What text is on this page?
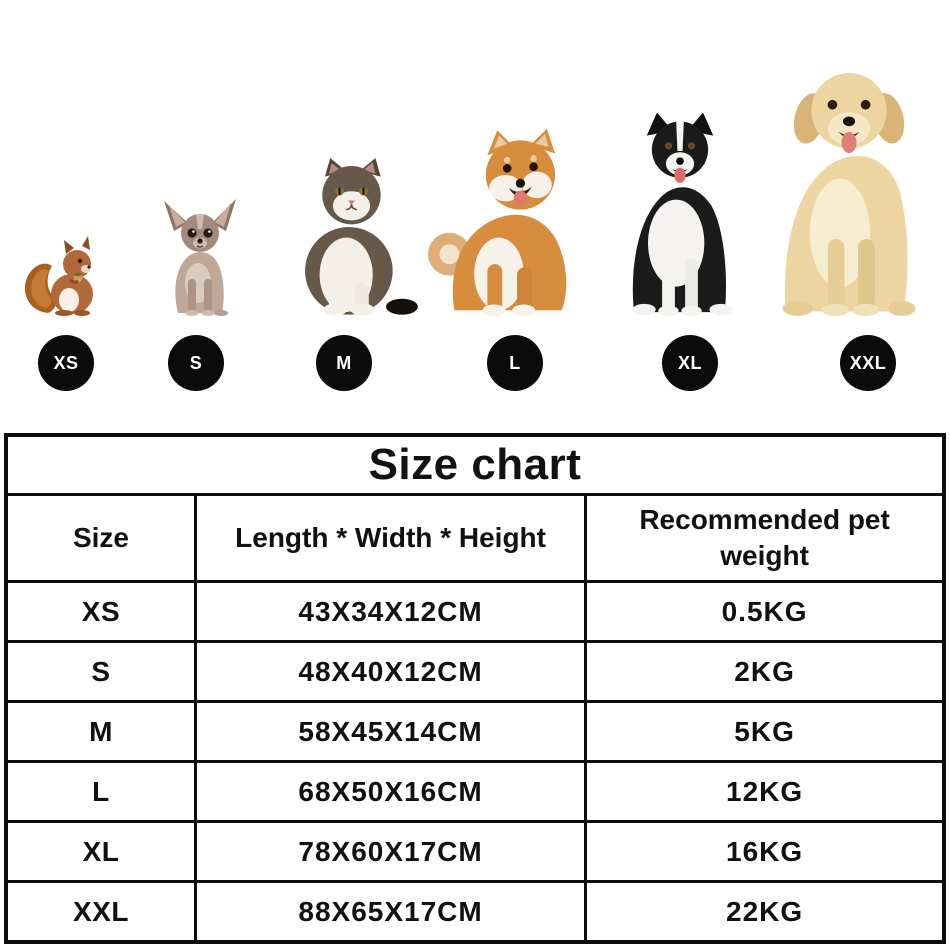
XS	S	M	L	XL	XXL
Size chart		
Size	Length * Width * Height	Recommended pet weight
XS	43X34X12CM	0.5KG
S	48X40X12CM	2KG
M	58X45X14CM	5KG
L	68X50X16CM	12KG
XL	78X60X17CM	16KG
XXL	88X65X17CM	22KG
